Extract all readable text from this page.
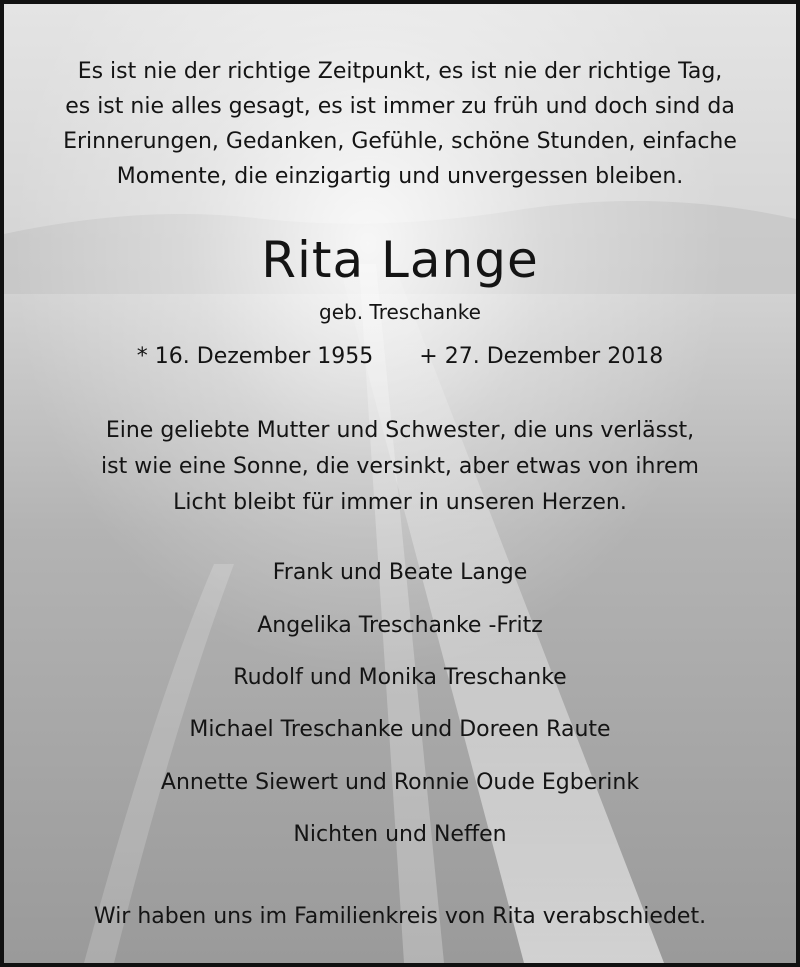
Es ist nie der richtige Zeitpunkt, es ist nie der richtige Tag,
es ist nie alles gesagt, es ist immer zu früh und doch sind da
Erinnerungen, Gedanken, Gefühle, schöne Stunden, einfache
Momente, die einzigartig und unvergessen bleiben.
Rita Lange
geb. Treschanke
* 16. Dezember 1955 + 27. Dezember 2018
Eine geliebte Mutter und Schwester, die uns verlässt,
ist wie eine Sonne, die versinkt, aber etwas von ihrem
Licht bleibt für immer in unseren Herzen.
Frank und Beate Lange
Angelika Treschanke -Fritz
Rudolf und Monika Treschanke
Michael Treschanke und Doreen Raute
Annette Siewert und Ronnie Oude Egberink
Nichten und Neffen
Wir haben uns im Familienkreis von Rita verabschiedet.
